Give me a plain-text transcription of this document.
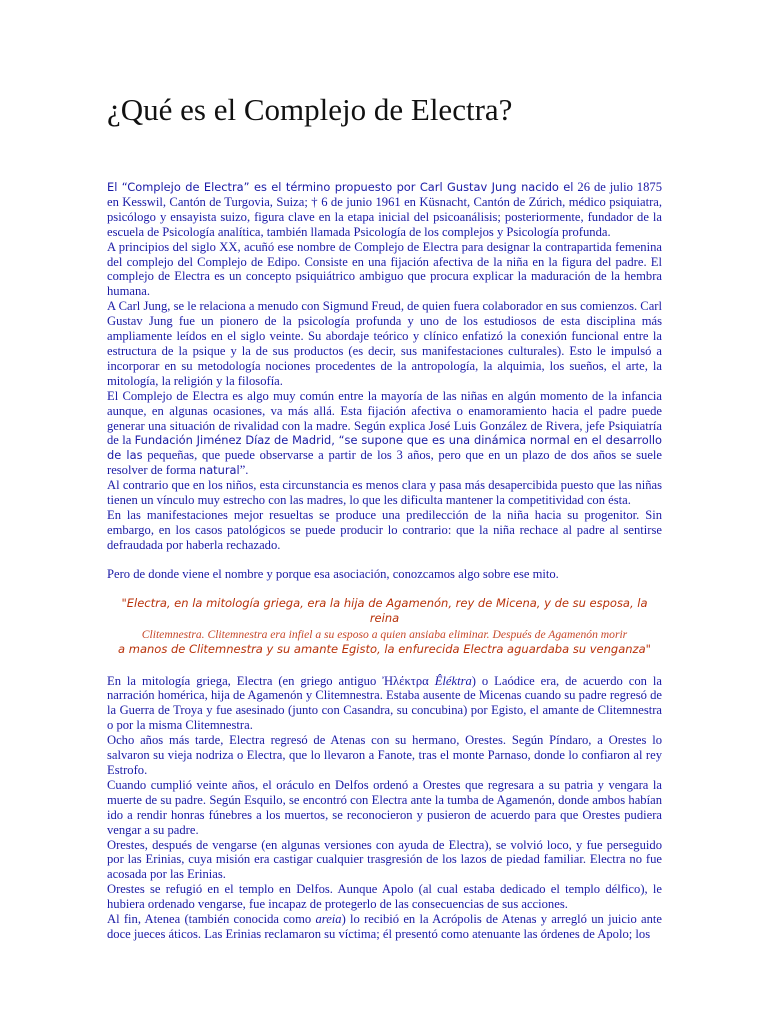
¿Qué es el Complejo de Electra?

El “Complejo de Electra” es el término propuesto por Carl Gustav Jung nacido el 26 de julio 1875 en Kesswil, Cantón de Turgovia, Suiza; † 6 de junio 1961 en Küsnacht, Cantón de Zúrich, médico psiquiatra, psicólogo y ensayista suizo, figura clave en la etapa inicial del psicoanálisis; posteriormente, fundador de la escuela de Psicología analítica, también llamada Psicología de los complejos y Psicología profunda.

A principios del siglo XX, acuñó ese nombre de Complejo de Electra para designar la contrapartida femenina del complejo del Complejo de Edipo. Consiste en una fijación afectiva de la niña en la figura del padre. El complejo de Electra es un concepto psiquiátrico ambiguo que procura explicar la maduración de la hembra humana.

A Carl Jung, se le relaciona a menudo con Sigmund Freud, de quien fuera colaborador en sus comienzos. Carl Gustav Jung fue un pionero de la psicología profunda y uno de los estudiosos de esta disciplina más ampliamente leídos en el siglo veinte. Su abordaje teórico y clínico enfatizó la conexión funcional entre la estructura de la psique y la de sus productos (es decir, sus manifestaciones culturales). Esto le impulsó a incorporar en su metodología nociones procedentes de la antropología, la alquimia, los sueños, el arte, la mitología, la religión y la filosofía.

El Complejo de Electra es algo muy común entre la mayoría de las niñas en algún momento de la infancia aunque, en algunas ocasiones, va más allá. Esta fijación afectiva o enamoramiento hacia el padre puede generar una situación de rivalidad con la madre. Según explica José Luis González de Rivera, jefe Psiquiatría de la Fundación Jiménez Díaz de Madrid, “se supone que es una dinámica normal en el desarrollo de las pequeñas, que puede observarse a partir de los 3 años, pero que en un plazo de dos años se suele resolver de forma natural”.

Al contrario que en los niños, esta circunstancia es menos clara y pasa más desapercibida puesto que las niñas tienen un vínculo muy estrecho con las madres, lo que les dificulta mantener la competitividad con ésta.

En las manifestaciones mejor resueltas se produce una predilección de la niña hacia su progenitor. Sin embargo, en los casos patológicos se puede producir lo contrario: que la niña rechace al padre al sentirse defraudada por haberla rechazado.

Pero de donde viene el nombre y porque esa asociación, conozcamos algo sobre ese mito.

"Electra, en la mitología griega, era la hija de Agamenón, rey de Micena, y de su esposa, la reina
Clitemnestra. Clitemnestra era infiel a su esposo a quien ansiaba eliminar. Después de Agamenón morir
a manos de Clitemnestra y su amante Egisto, la enfurecida Electra aguardaba su venganza"

En la mitología griega, Electra (en griego antiguo Ἠλέκτρα Êléktra) o Laódice era, de acuerdo con la narración homérica, hija de Agamenón y Clitemnestra. Estaba ausente de Micenas cuando su padre regresó de la Guerra de Troya y fue asesinado (junto con Casandra, su concubina) por Egisto, el amante de Clitemnestra o por la misma Clitemnestra.

Ocho años más tarde, Electra regresó de Atenas con su hermano, Orestes. Según Píndaro, a Orestes lo salvaron su vieja nodriza o Electra, que lo llevaron a Fanote, tras el monte Parnaso, donde lo confiaron al rey Estrofo.

Cuando cumplió veinte años, el oráculo en Delfos ordenó a Orestes que regresara a su patria y vengara la muerte de su padre. Según Esquilo, se encontró con Electra ante la tumba de Agamenón, donde ambos habían ido a rendir honras fúnebres a los muertos, se reconocieron y pusieron de acuerdo para que Orestes pudiera vengar a su padre.

Orestes, después de vengarse (en algunas versiones con ayuda de Electra), se volvió loco, y fue perseguido por las Erinias, cuya misión era castigar cualquier trasgresión de los lazos de piedad familiar. Electra no fue acosada por las Erinias.

Orestes se refugió en el templo en Delfos. Aunque Apolo (al cual estaba dedicado el templo délfico), le hubiera ordenado vengarse, fue incapaz de protegerlo de las consecuencias de sus acciones.

Al fin, Atenea (también conocida como areia) lo recibió en la Acrópolis de Atenas y arregló un juicio ante doce jueces áticos. Las Erinias reclamaron su víctima; él presentó como atenuante las órdenes de Apolo; los
